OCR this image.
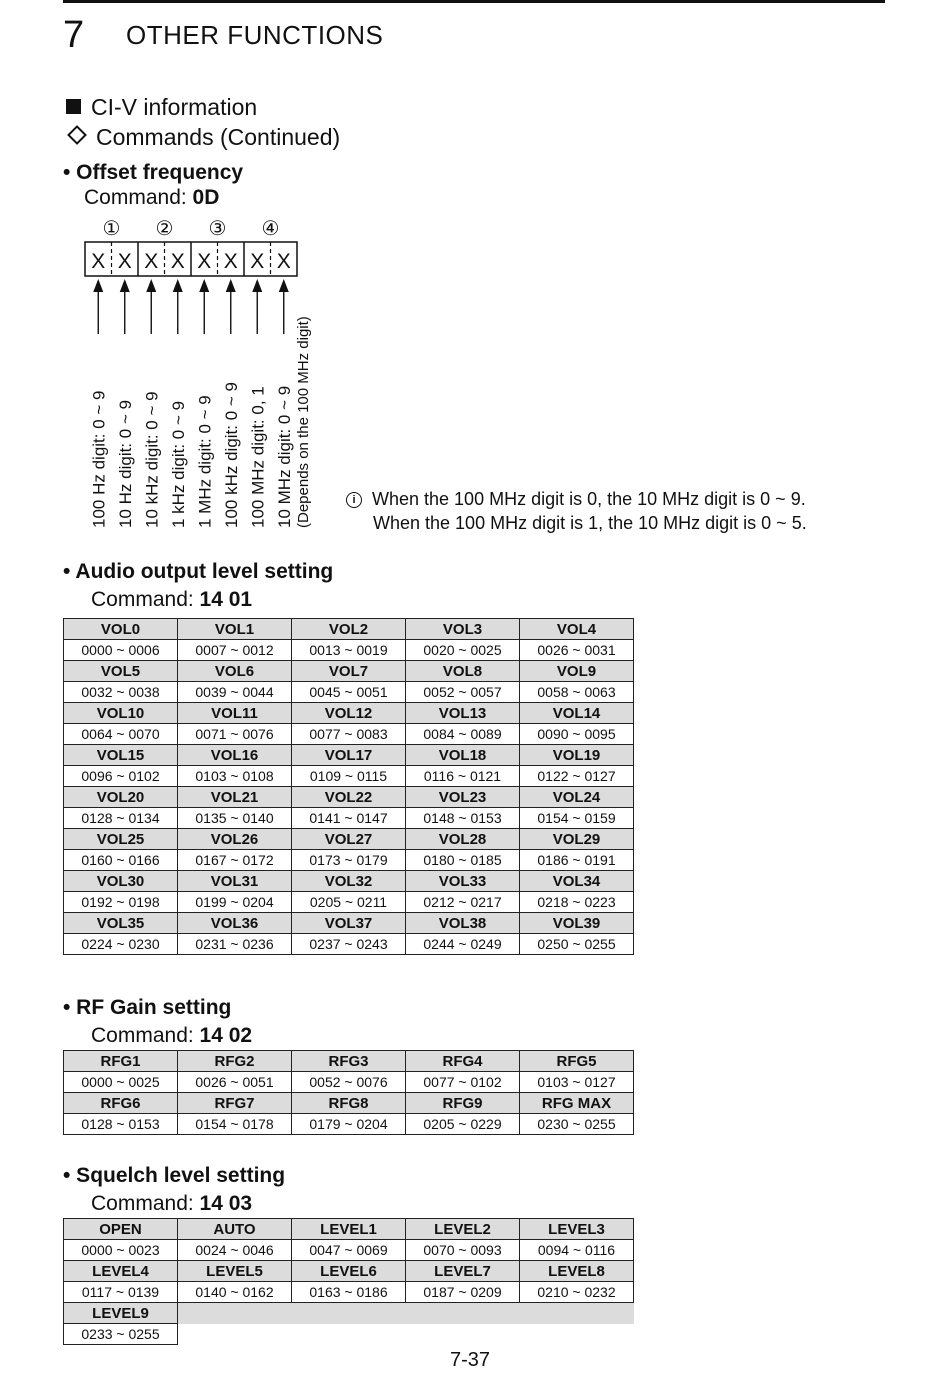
7 OTHER FUNCTIONS
CI-V information
Commands (Continued)
• Offset frequency
Command: 0D
① ② ③ ④
X X X X X X X X
100 Hz digit: 0 ~ 9 10 Hz digit: 0 ~ 9 10 kHz digit: 0 ~ 9 1 kHz digit: 0 ~ 9 1 MHz digit: 0 ~ 9 100 kHz digit: 0 ~ 9 100 MHz digit: 0, 1 10 MHz digit: 0 ~ 9 (Depends on the 100 MHz digit)	i When the 100 MHz digit is 0, the 10 MHz digit is 0 ~ 9.
When the 100 MHz digit is 1, the 10 MHz digit is 0 ~ 5.
• Audio output level setting
Command: 14 01
VOL0	VOL1	VOL2	VOL3	VOL4
0000 ~ 0006	0007 ~ 0012	0013 ~ 0019	0020 ~ 0025	0026 ~ 0031
VOL5	VOL6	VOL7	VOL8	VOL9
0032 ~ 0038	0039 ~ 0044	0045 ~ 0051	0052 ~ 0057	0058 ~ 0063
VOL10	VOL11	VOL12	VOL13	VOL14
0064 ~ 0070	0071 ~ 0076	0077 ~ 0083	0084 ~ 0089	0090 ~ 0095
VOL15	VOL16	VOL17	VOL18	VOL19
0096 ~ 0102	0103 ~ 0108	0109 ~ 0115	0116 ~ 0121	0122 ~ 0127
VOL20	VOL21	VOL22	VOL23	VOL24
0128 ~ 0134	0135 ~ 0140	0141 ~ 0147	0148 ~ 0153	0154 ~ 0159
VOL25	VOL26	VOL27	VOL28	VOL29
0160 ~ 0166	0167 ~ 0172	0173 ~ 0179	0180 ~ 0185	0186 ~ 0191
VOL30	VOL31	VOL32	VOL33	VOL34
0192 ~ 0198	0199 ~ 0204	0205 ~ 0211	0212 ~ 0217	0218 ~ 0223
VOL35	VOL36	VOL37	VOL38	VOL39
0224 ~ 0230	0231 ~ 0236	0237 ~ 0243	0244 ~ 0249	0250 ~ 0255
• RF Gain setting
Command: 14 02
RFG1	RFG2	RFG3	RFG4	RFG5
0000 ~ 0025	0026 ~ 0051	0052 ~ 0076	0077 ~ 0102	0103 ~ 0127
RFG6	RFG7	RFG8	RFG9	RFG MAX
0128 ~ 0153	0154 ~ 0178	0179 ~ 0204	0205 ~ 0229	0230 ~ 0255
• Squelch level setting
Command: 14 03
OPEN	AUTO	LEVEL1	LEVEL2	LEVEL3
0000 ~ 0023	0024 ~ 0046	0047 ~ 0069	0070 ~ 0093	0094 ~ 0116
LEVEL4	LEVEL5	LEVEL6	LEVEL7	LEVEL8
0117 ~ 0139	0140 ~ 0162	0163 ~ 0186	0187 ~ 0209	0210 ~ 0232
LEVEL9				
0233 ~ 0255				
7-37
